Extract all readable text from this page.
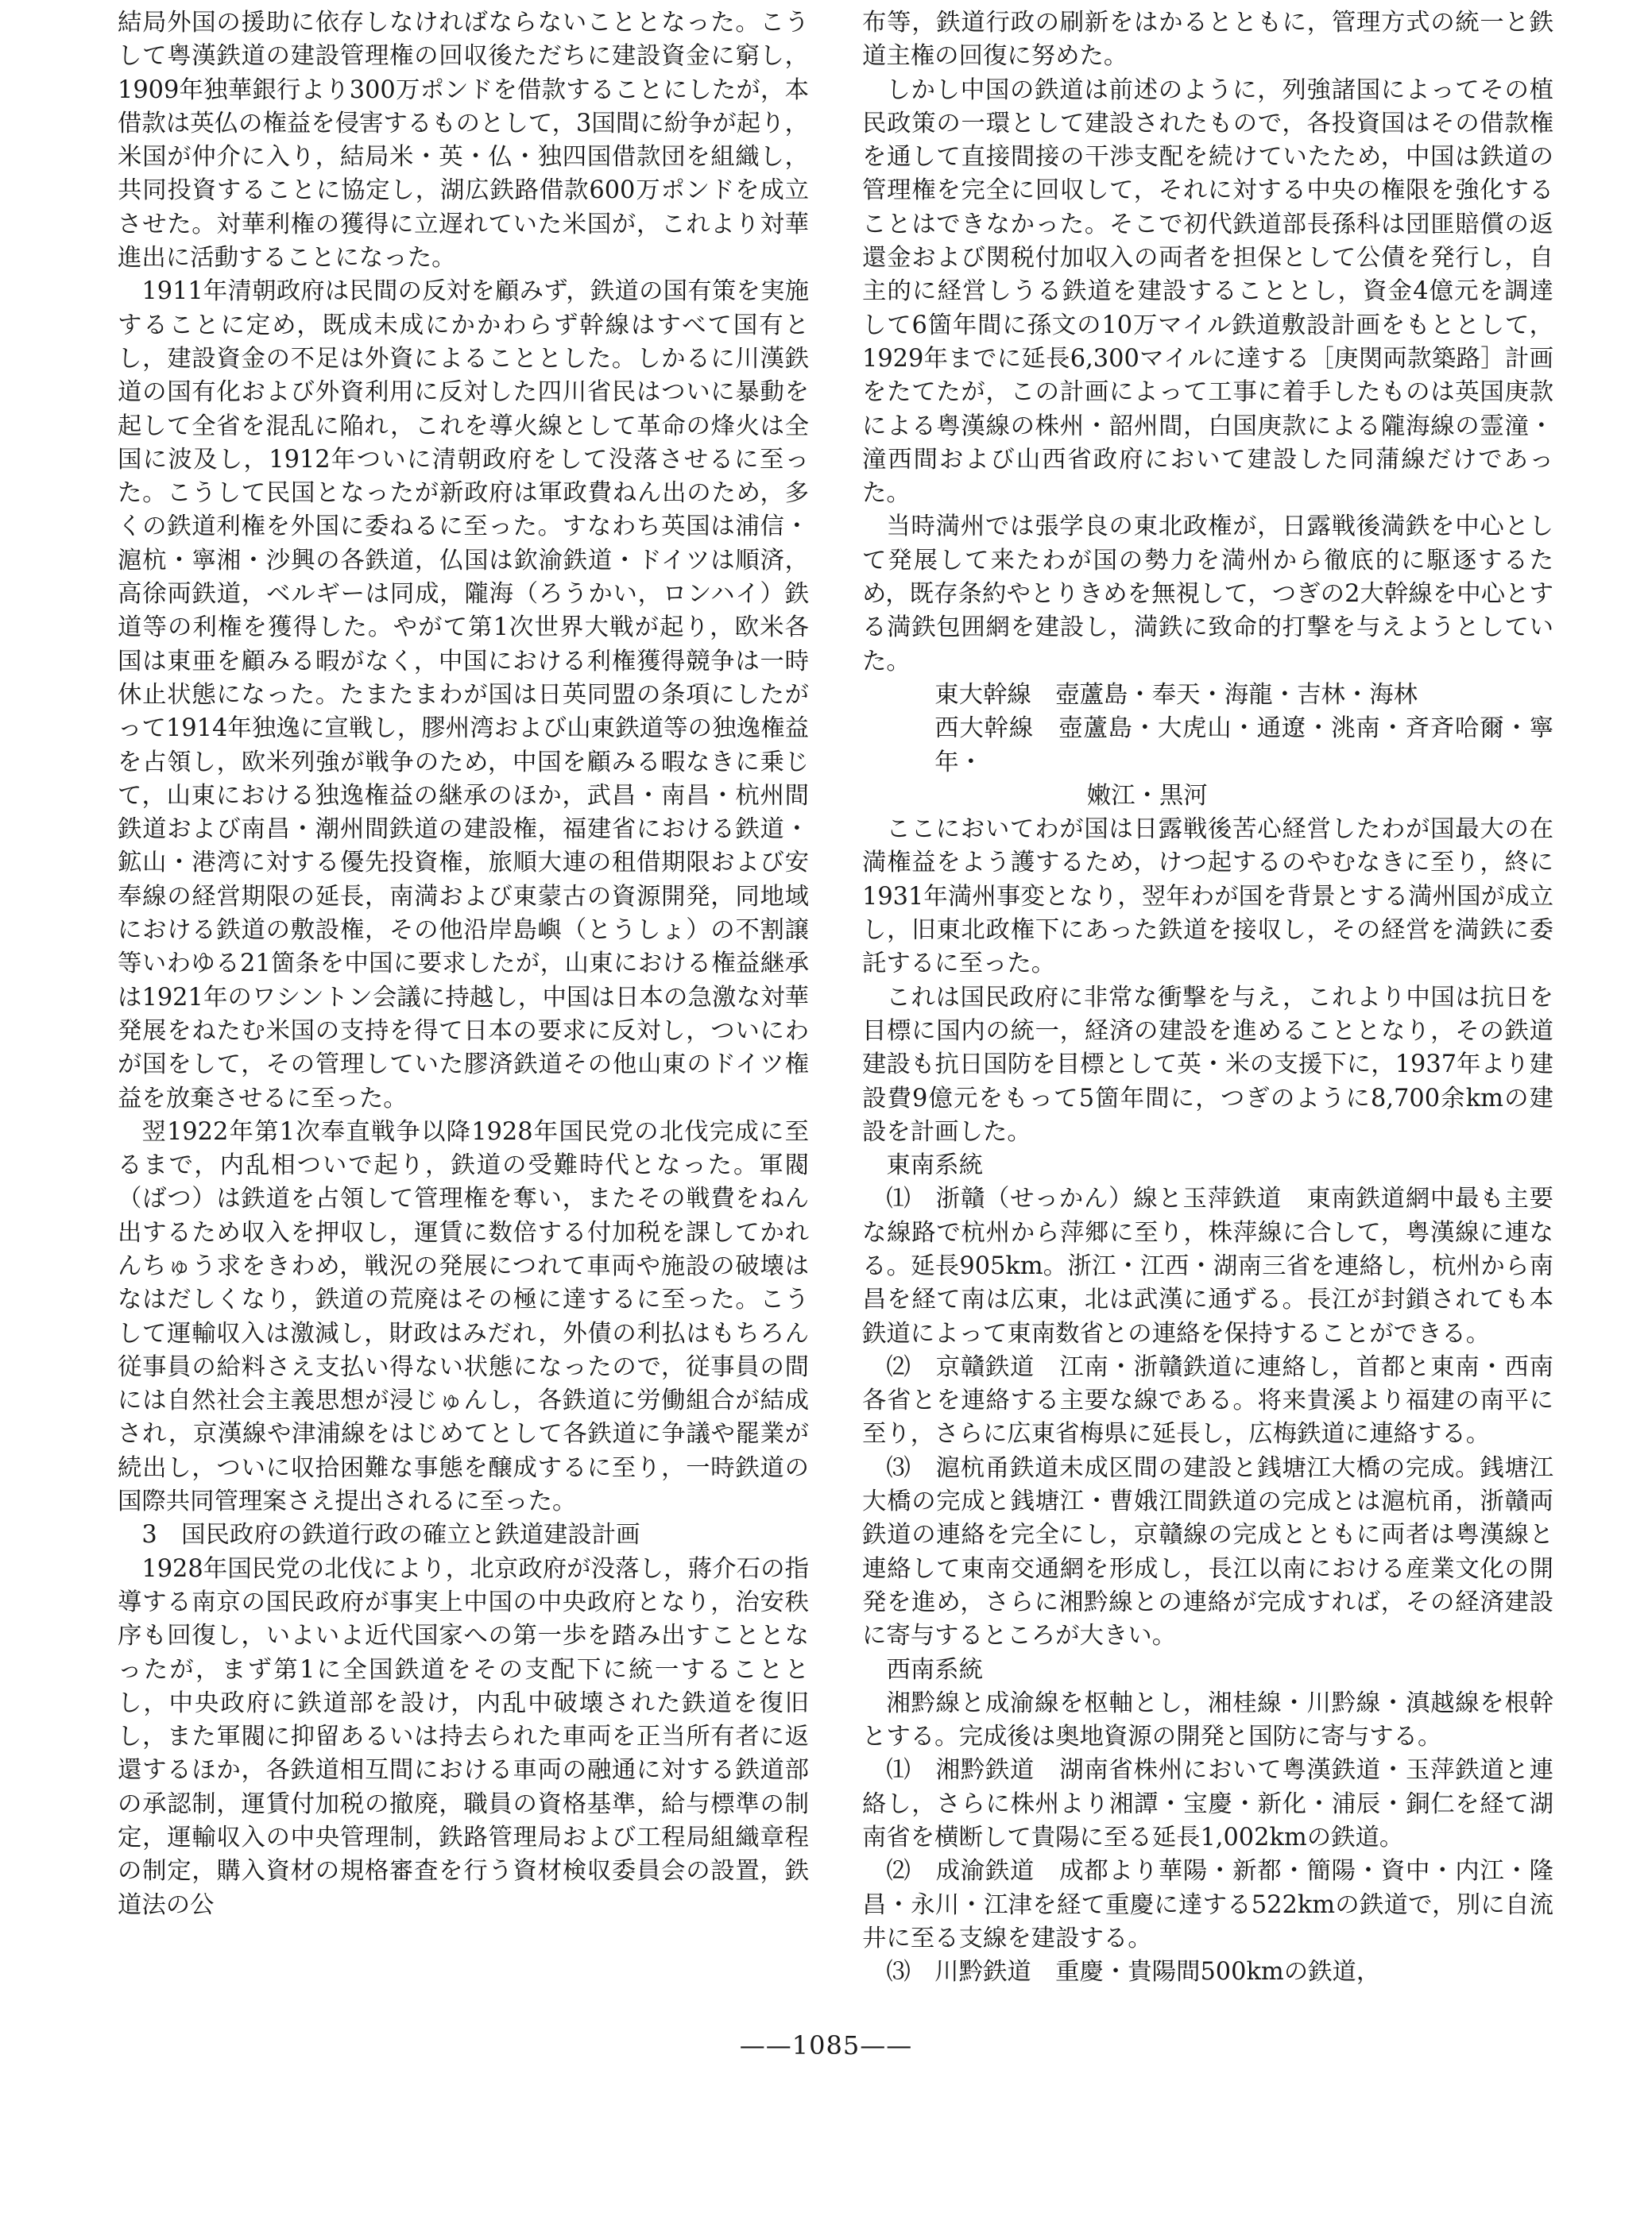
結局外国の援助に依存しなければならないこととなった。こうして粤漢鉄道の建設管理権の回収後ただちに建設資金に窮し，1909年独華銀行より300万ポンドを借款することにしたが，本借款は英仏の権益を侵害するものとして，3国間に紛争が起り，米国が仲介に入り，結局米・英・仏・独四国借款団を組織し，共同投資することに協定し，湖広鉄路借款600万ポンドを成立させた。対華利権の獲得に立遅れていた米国が，これより対華進出に活動することになった。

1911年清朝政府は民間の反対を顧みず，鉄道の国有策を実施することに定め，既成未成にかかわらず幹線はすべて国有とし，建設資金の不足は外資によることとした。しかるに川漢鉄道の国有化および外資利用に反対した四川省民はついに暴動を起して全省を混乱に陥れ，これを導火線として革命の烽火は全国に波及し，1912年ついに清朝政府をして没落させるに至った。こうして民国となったが新政府は軍政費ねん出のため，多くの鉄道利権を外国に委ねるに至った。すなわち英国は浦信・滬杭・寧湘・沙興の各鉄道，仏国は欽渝鉄道・ドイツは順済，高徐両鉄道，ベルギーは同成，隴海（ろうかい，ロンハイ）鉄道等の利権を獲得した。やがて第1次世界大戦が起り，欧米各国は東亜を顧みる暇がなく，中国における利権獲得競争は一時休止状態になった。たまたまわが国は日英同盟の条項にしたがって1914年独逸に宣戦し，膠州湾および山東鉄道等の独逸権益を占領し，欧米列強が戦争のため，中国を顧みる暇なきに乗じて，山東における独逸権益の継承のほか，武昌・南昌・杭州間鉄道および南昌・潮州間鉄道の建設権，福建省における鉄道・鉱山・港湾に対する優先投資権，旅順大連の租借期限および安奉線の経営期限の延長，南満および東蒙古の資源開発，同地域における鉄道の敷設権，その他沿岸島嶼（とうしょ）の不割譲等いわゆる21箇条を中国に要求したが，山東における権益継承は1921年のワシントン会議に持越し，中国は日本の急激な対華発展をねたむ米国の支持を得て日本の要求に反対し，ついにわが国をして，その管理していた膠済鉄道その他山東のドイツ権益を放棄させるに至った。

翌1922年第1次奉直戦争以降1928年国民党の北伐完成に至るまで，内乱相ついで起り，鉄道の受難時代となった。軍閥（ばつ）は鉄道を占領して管理権を奪い，またその戦費をねん出するため収入を押収し，運賃に数倍する付加税を課してかれんちゅう求をきわめ，戦況の発展につれて車両や施設の破壊はなはだしくなり，鉄道の荒廃はその極に達するに至った。こうして運輸収入は激減し，財政はみだれ，外債の利払はもちろん従事員の給料さえ支払い得ない状態になったので，従事員の間には自然社会主義思想が浸じゅんし，各鉄道に労働組合が結成され，京漢線や津浦線をはじめてとして各鉄道に争議や罷業が続出し，ついに収拾困難な事態を醸成するに至り，一時鉄道の国際共同管理案さえ提出されるに至った。

3　国民政府の鉄道行政の確立と鉄道建設計画

1928年国民党の北伐により，北京政府が没落し，蔣介石の指導する南京の国民政府が事実上中国の中央政府となり，治安秩序も回復し，いよいよ近代国家への第一歩を踏み出すこととなったが，まず第1に全国鉄道をその支配下に統一することとし，中央政府に鉄道部を設け，内乱中破壊された鉄道を復旧し，また軍閥に抑留あるいは持去られた車両を正当所有者に返還するほか，各鉄道相互間における車両の融通に対する鉄道部の承認制，運賃付加税の撤廃，職員の資格基準，給与標準の制定，運輸収入の中央管理制，鉄路管理局および工程局組織章程の制定，購入資材の規格審査を行う資材検収委員会の設置，鉄道法の公

布等，鉄道行政の刷新をはかるとともに，管理方式の統一と鉄道主権の回復に努めた。

しかし中国の鉄道は前述のように，列強諸国によってその植民政策の一環として建設されたもので，各投資国はその借款権を通して直接間接の干渉支配を続けていたため，中国は鉄道の管理権を完全に回収して，それに対する中央の権限を強化することはできなかった。そこで初代鉄道部長孫科は団匪賠償の返還金および関税付加収入の両者を担保として公債を発行し，自主的に経営しうる鉄道を建設することとし，資金4億元を調達して6箇年間に孫文の10万マイル鉄道敷設計画をもととして，1929年までに延長6,300マイルに達する［庚関両款築路］計画をたてたが，この計画によって工事に着手したものは英国庚款による粤漢線の株州・韶州間，白国庚款による隴海線の霊潼・潼西間および山西省政府において建設した同蒲線だけであった。

当時満州では張学良の東北政権が，日露戦後満鉄を中心として発展して来たわが国の勢力を満州から徹底的に駆逐するため，既存条約やとりきめを無視して，つぎの2大幹線を中心とする満鉄包囲網を建設し，満鉄に致命的打撃を与えようとしていた。

東大幹線　壺蘆島・奉天・海龍・吉林・海林

西大幹線　壺蘆島・大虎山・通遼・洮南・斉斉哈爾・寧年・

嫩江・黒河

ここにおいてわが国は日露戦後苦心経営したわが国最大の在満権益をよう護するため，けつ起するのやむなきに至り，終に1931年満州事変となり，翌年わが国を背景とする満州国が成立し，旧東北政権下にあった鉄道を接収し，その経営を満鉄に委託するに至った。

これは国民政府に非常な衝撃を与え，これより中国は抗日を目標に国内の統一，経済の建設を進めることとなり，その鉄道建設も抗日国防を目標として英・米の支援下に，1937年より建設費9億元をもって5箇年間に，つぎのように8,700余kmの建設を計画した。

東南系統

⑴　浙贛（せっかん）線と玉萍鉄道　東南鉄道網中最も主要な線路で杭州から萍郷に至り，株萍線に合して，粤漢線に連なる。延長905km。浙江・江西・湖南三省を連絡し，杭州から南昌を経て南は広東，北は武漢に通ずる。長江が封鎖されても本鉄道によって東南数省との連絡を保持することができる。

⑵　京贛鉄道　江南・浙贛鉄道に連絡し，首都と東南・西南各省とを連絡する主要な線である。将来貴溪より福建の南平に至り，さらに広東省梅県に延長し，広梅鉄道に連絡する。

⑶　滬杭甬鉄道未成区間の建設と銭塘江大橋の完成。銭塘江大橋の完成と銭塘江・曹娥江間鉄道の完成とは滬杭甬，浙贛両鉄道の連絡を完全にし，京贛線の完成とともに両者は粤漢線と連絡して東南交通網を形成し，長江以南における産業文化の開発を進め，さらに湘黔線との連絡が完成すれば，その経済建設に寄与するところが大きい。

西南系統

湘黔線と成渝線を枢軸とし，湘桂線・川黔線・滇越線を根幹とする。完成後は奥地資源の開発と国防に寄与する。

⑴　湘黔鉄道　湖南省株州において粤漢鉄道・玉萍鉄道と連絡し，さらに株州より湘譚・宝慶・新化・浦辰・銅仁を経て湖南省を横断して貴陽に至る延長1,002kmの鉄道。

⑵　成渝鉄道　成都より華陽・新都・簡陽・資中・内江・隆昌・永川・江津を経て重慶に達する522kmの鉄道で，別に自流井に至る支線を建設する。

⑶　川黔鉄道　重慶・貴陽間500kmの鉄道，

——1085——
